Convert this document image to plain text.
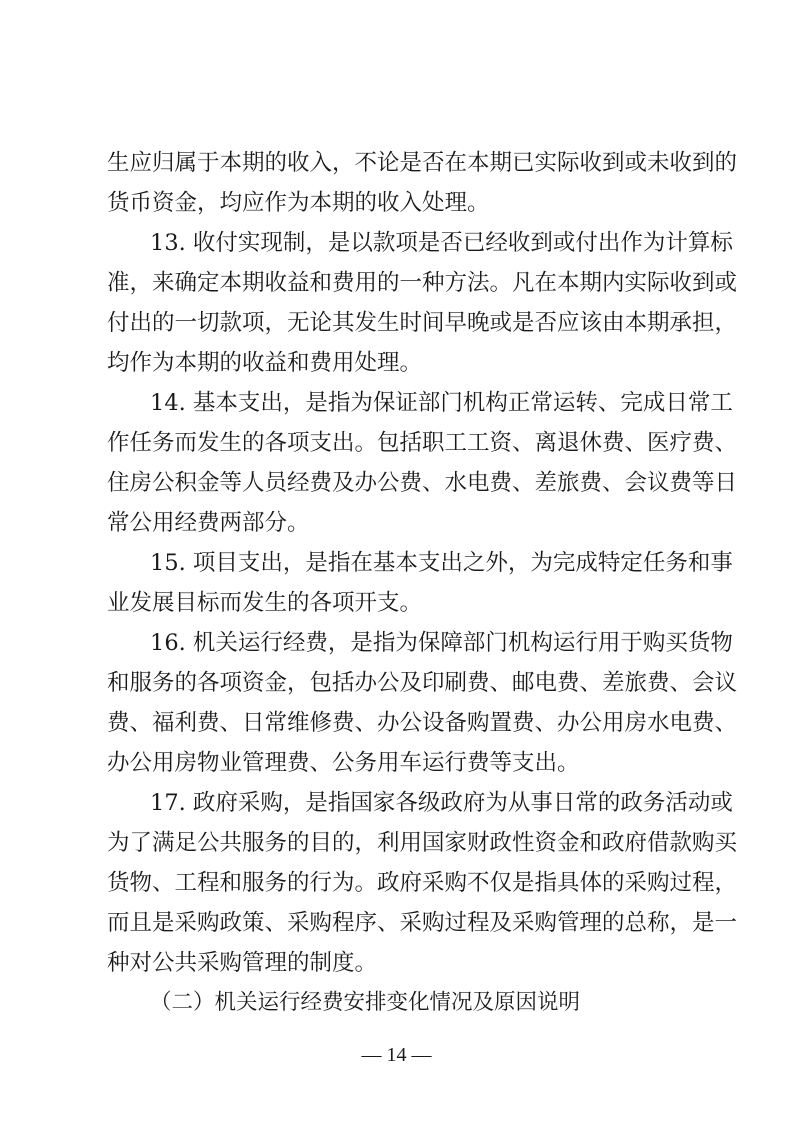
生应归属于本期的收入，不论是否在本期已实际收到或未收到的
货币资金，均应作为本期的收入处理。
13. 收付实现制，是以款项是否已经收到或付出作为计算标
准，来确定本期收益和费用的一种方法。凡在本期内实际收到或
付出的一切款项，无论其发生时间早晚或是否应该由本期承担，
均作为本期的收益和费用处理。
14. 基本支出，是指为保证部门机构正常运转、完成日常工
作任务而发生的各项支出。包括职工工资、离退休费、医疗费、
住房公积金等人员经费及办公费、水电费、差旅费、会议费等日
常公用经费两部分。
15. 项目支出，是指在基本支出之外，为完成特定任务和事
业发展目标而发生的各项开支。
16. 机关运行经费，是指为保障部门机构运行用于购买货物
和服务的各项资金，包括办公及印刷费、邮电费、差旅费、会议
费、福利费、日常维修费、办公设备购置费、办公用房水电费、
办公用房物业管理费、公务用车运行费等支出。
17. 政府采购，是指国家各级政府为从事日常的政务活动或
为了满足公共服务的目的，利用国家财政性资金和政府借款购买
货物、工程和服务的行为。政府采购不仅是指具体的采购过程，
而且是采购政策、采购程序、采购过程及采购管理的总称，是一
种对公共采购管理的制度。
（二）机关运行经费安排变化情况及原因说明
— 14 —
